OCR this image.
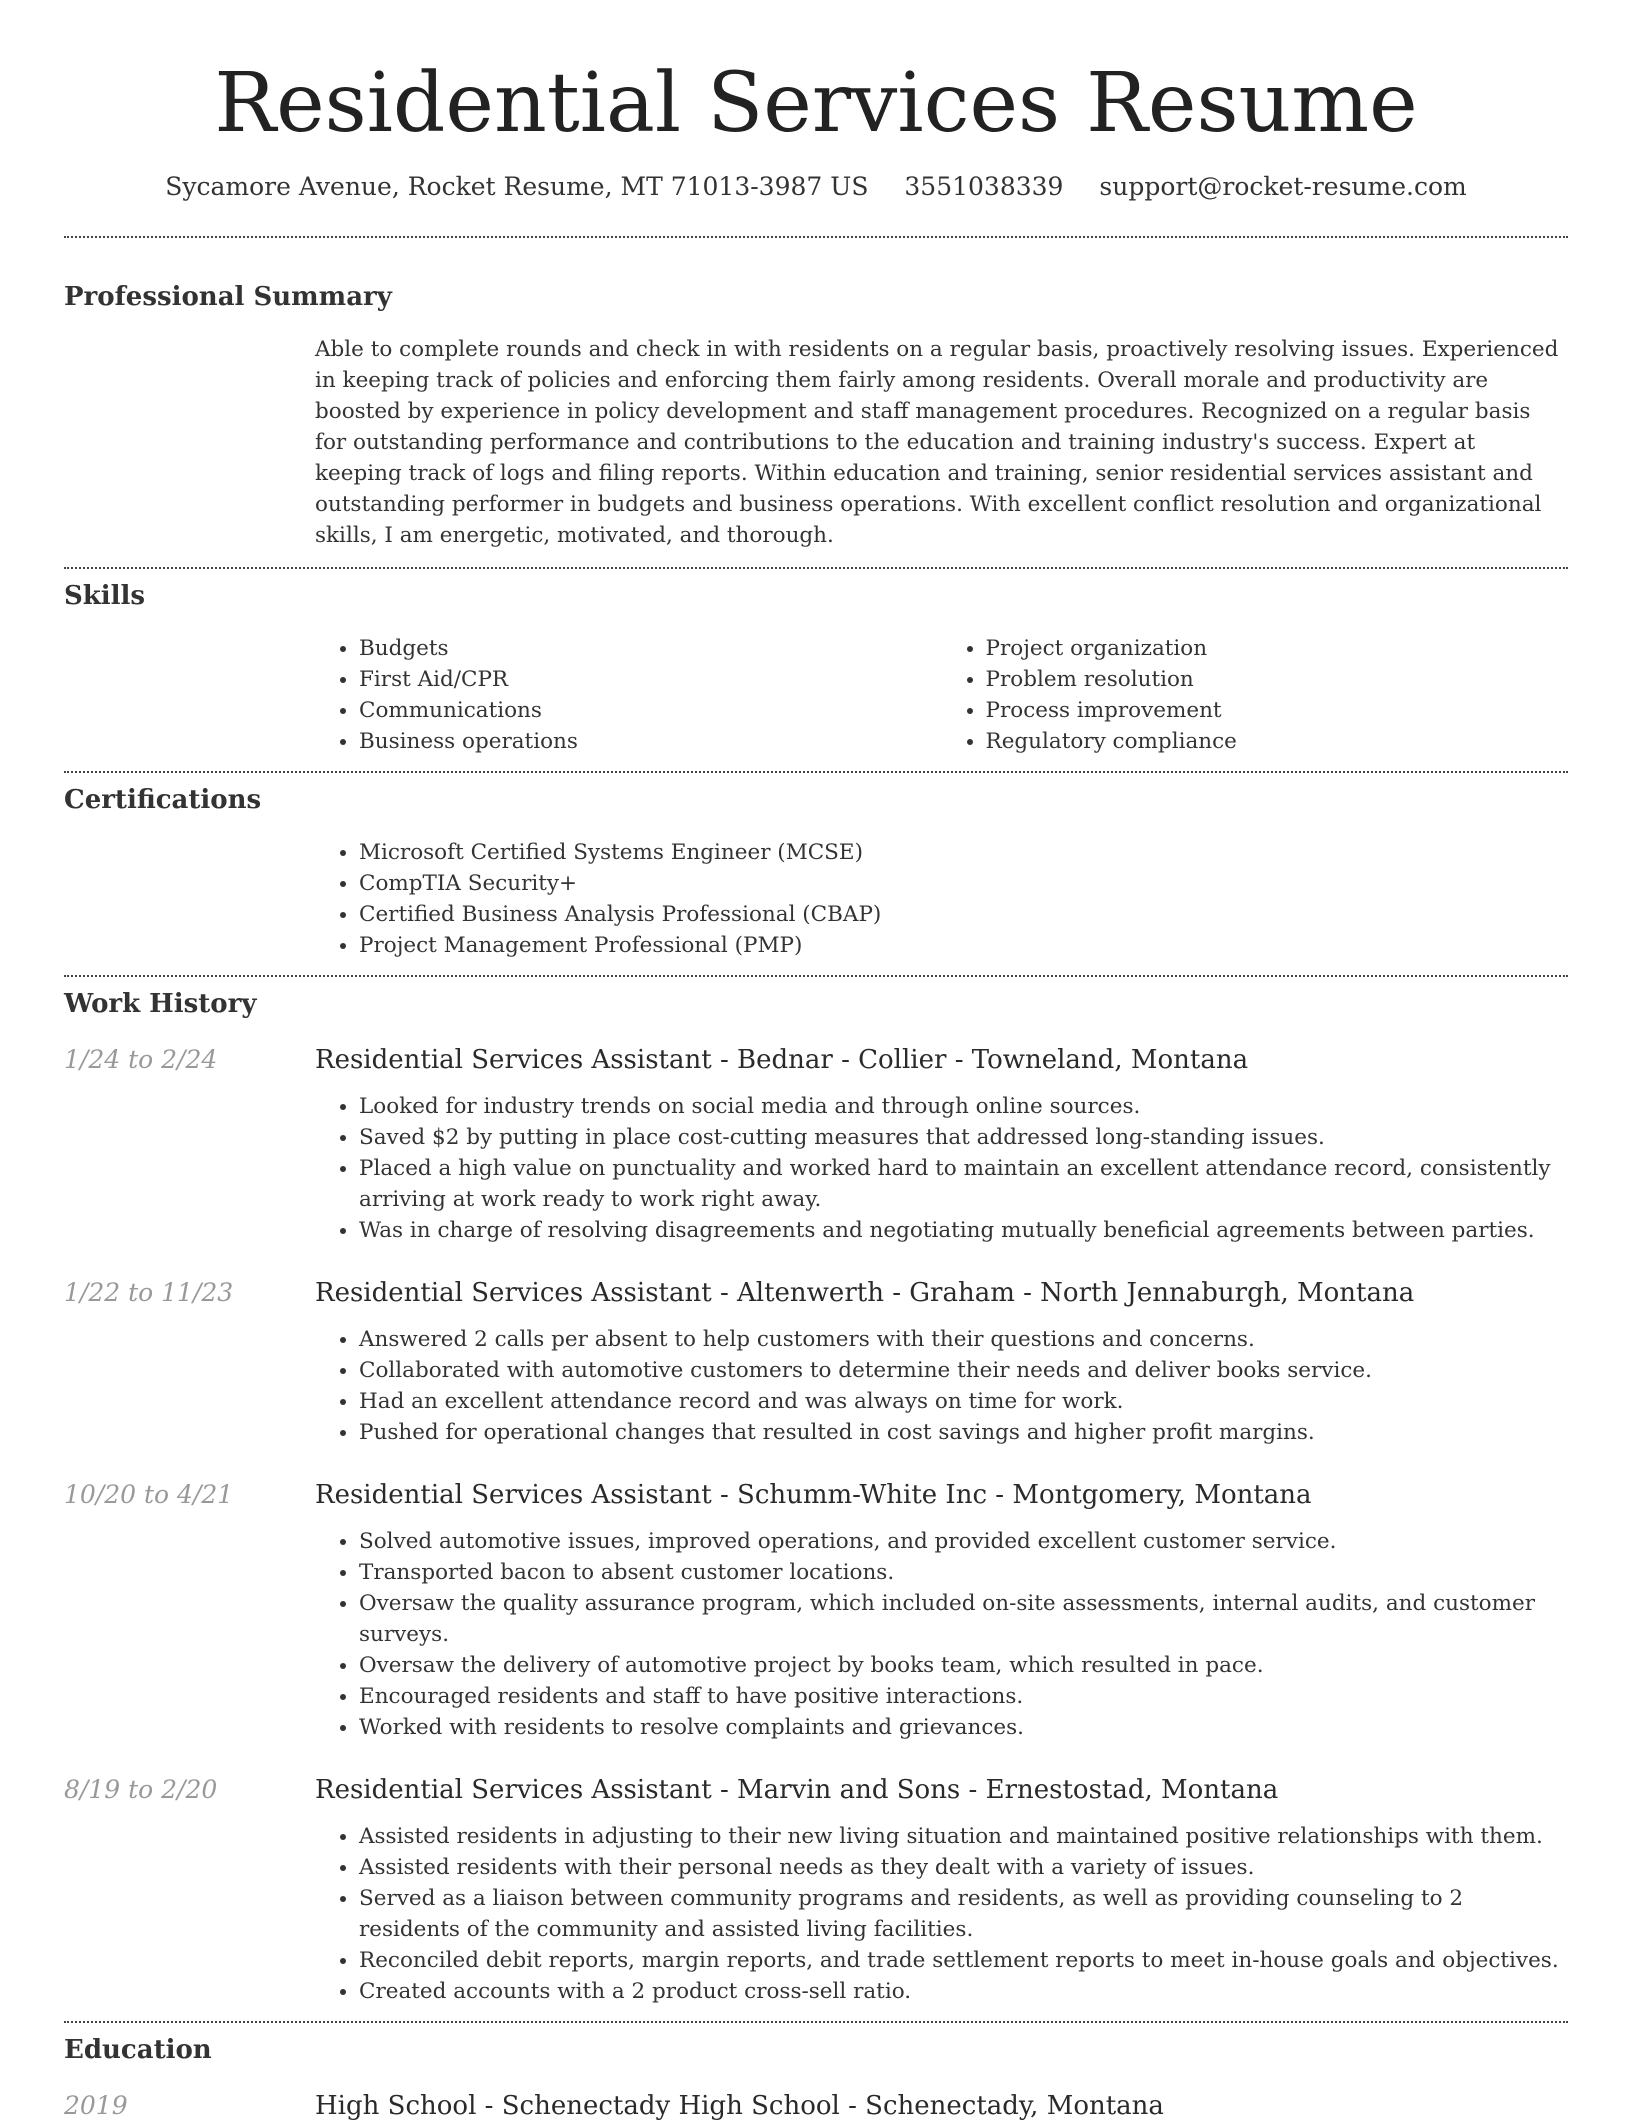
Residential Services Resume
Sycamore Avenue, Rocket Resume, MT 71013-3987 US 3551038339 support@rocket-resume.com
Professional Summary

Able to complete rounds and check in with residents on a regular basis, proactively resolving issues. Experienced in keeping track of policies and enforcing them fairly among residents. Overall morale and productivity are boosted by experience in policy development and staff management procedures. Recognized on a regular basis for outstanding performance and contributions to the education and training industry's success. Expert at keeping track of logs and filing reports. Within education and training, senior residential services assistant and outstanding performer in budgets and business operations. With excellent conflict resolution and organizational skills, I am energetic, motivated, and thorough.

Skills
• Budgets
• First Aid/CPR
• Communications
• Business operations
• Project organization
• Problem resolution
• Process improvement
• Regulatory compliance
Certifications
• Microsoft Certified Systems Engineer (MCSE)
• CompTIA Security+
• Certified Business Analysis Professional (CBAP)
• Project Management Professional (PMP)
Work History
1/24 to 2/24	Residential Services Assistant - Bednar - Collier - Towneland, Montana
• Looked for industry trends on social media and through online sources.
• Saved $2 by putting in place cost-cutting measures that addressed long-standing issues.
• Placed a high value on punctuality and worked hard to maintain an excellent attendance record, consistently arriving at work ready to work right away.
• Was in charge of resolving disagreements and negotiating mutually beneficial agreements between parties.
1/22 to 11/23	Residential Services Assistant - Altenwerth - Graham - North Jennaburgh, Montana
• Answered 2 calls per absent to help customers with their questions and concerns.
• Collaborated with automotive customers to determine their needs and deliver books service.
• Had an excellent attendance record and was always on time for work.
• Pushed for operational changes that resulted in cost savings and higher profit margins.
10/20 to 4/21	Residential Services Assistant - Schumm-White Inc - Montgomery, Montana
• Solved automotive issues, improved operations, and provided excellent customer service.
• Transported bacon to absent customer locations.
• Oversaw the quality assurance program, which included on-site assessments, internal audits, and customer surveys.
• Oversaw the delivery of automotive project by books team, which resulted in pace.
• Encouraged residents and staff to have positive interactions.
• Worked with residents to resolve complaints and grievances.
8/19 to 2/20	Residential Services Assistant - Marvin and Sons - Ernestostad, Montana
• Assisted residents in adjusting to their new living situation and maintained positive relationships with them.
• Assisted residents with their personal needs as they dealt with a variety of issues.
• Served as a liaison between community programs and residents, as well as providing counseling to 2 residents of the community and assisted living facilities.
• Reconciled debit reports, margin reports, and trade settlement reports to meet in-house goals and objectives.
• Created accounts with a 2 product cross-sell ratio.
Education
2019	High School - Schenectady High School - Schenectady, Montana
